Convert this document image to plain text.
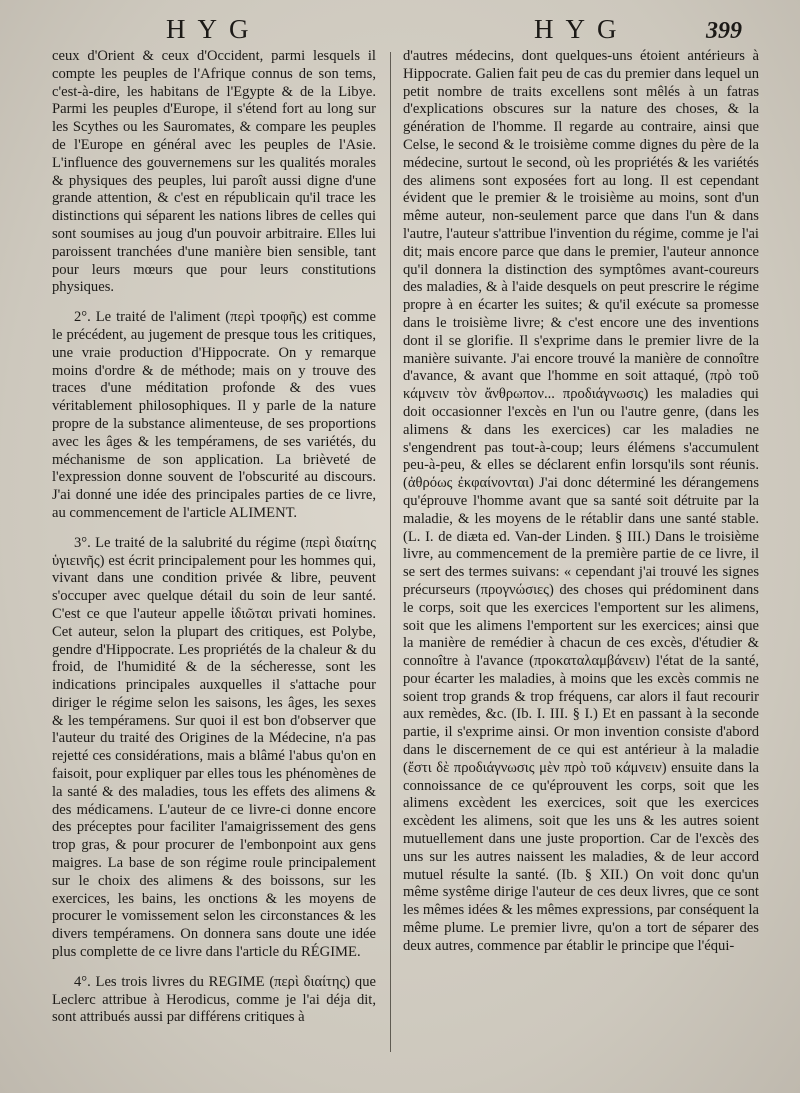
HYG	HYG	399

ceux d'Orient & ceux d'Occident, parmi lesquels il compte les peuples de l'Afrique connus de son tems, c'est-à-dire, les habitans de l'Egypte & de la Libye. Parmi les peuples d'Europe, il s'étend fort au long sur les Scythes ou les Sauromates, & compare les peuples de l'Europe en général avec les peuples de l'Asie. L'influence des gouvernemens sur les qualités morales & physiques des peuples, lui paroît aussi digne d'une grande attention, & c'est en républicain qu'il trace les distinctions qui séparent les nations libres de celles qui sont soumises au joug d'un pouvoir arbitraire. Elles lui paroissent tranchées d'une manière bien sensible, tant pour leurs mœurs que pour leurs constitutions physiques.

2°. Le traité de l'aliment (περὶ τροφῆς) est comme le précédent, au jugement de presque tous les critiques, une vraie production d'Hippocrate. On y remarque moins d'ordre & de méthode; mais on y trouve des traces d'une méditation profonde & des vues véritablement philosophiques. Il y parle de la nature propre de la substance alimenteuse, de ses proportions avec les âges & les tempéramens, de ses variétés, du méchanisme de son application. La brièveté de l'expression donne souvent de l'obscurité au discours. J'ai donné une idée des principales parties de ce livre, au commencement de l'article ALIMENT.

3°. Le traité de la salubrité du régime (περὶ διαίτης ὑγιεινῆς) est écrit principalement pour les hommes qui, vivant dans une condition privée & libre, peuvent s'occuper avec quelque détail du soin de leur santé. C'est ce que l'auteur appelle ἰδιῶται privati homines. Cet auteur, selon la plupart des critiques, est Polybe, gendre d'Hippocrate. Les propriétés de la chaleur & du froid, de l'humidité & de la sécheresse, sont les indications principales auxquelles il s'attache pour diriger le régime selon les saisons, les âges, les sexes & les tempéramens. Sur quoi il est bon d'observer que l'auteur du traité des Origines de la Médecine, n'a pas rejetté ces considérations, mais a blâmé l'abus qu'on en faisoit, pour expliquer par elles tous les phénomènes de la santé & des maladies, tous les effets des alimens & des médicamens. L'auteur de ce livre-ci donne encore des préceptes pour faciliter l'amaigrissement des gens trop gras, & pour procurer de l'embonpoint aux gens maigres. La base de son régime roule principalement sur le choix des alimens & des boissons, sur les exercices, les bains, les onctions & les moyens de procurer le vomissement selon les circonstances & les divers tempéramens. On donnera sans doute une idée plus complette de ce livre dans l'article du RÉGIME.

4°. Les trois livres du REGIME (περὶ διαίτης) que Leclerc attribue à Herodicus, comme je l'ai déja dit, sont attribués aussi par différens critiques à

d'autres médecins, dont quelques-uns étoient antérieurs à Hippocrate. Galien fait peu de cas du premier dans lequel un petit nombre de traits excellens sont mêlés à un fatras d'explications obscures sur la nature des choses, & la génération de l'homme. Il regarde au contraire, ainsi que Celse, le second & le troisième comme dignes du père de la médecine, surtout le second, où les propriétés & les variétés des alimens sont exposées fort au long. Il est cependant évident que le premier & le troisième au moins, sont d'un même auteur, non-seulement parce que dans l'un & dans l'autre, l'auteur s'attribue l'invention du régime, comme je l'ai dit; mais encore parce que dans le premier, l'auteur annonce qu'il donnera la distinction des symptômes avant-coureurs des maladies, & à l'aide desquels on peut prescrire le régime propre à en écarter les suites; & qu'il exécute sa promesse dans le troisième livre; & c'est encore une des inventions dont il se glorifie. Il s'exprime dans le premier livre de la manière suivante. J'ai encore trouvé la manière de connoître d'avance, & avant que l'homme en soit attaqué, (πρὸ τοῦ κάμνειν τὸν ἄνθρωπον... προδιάγνωσις) les maladies qui doit occasionner l'excès en l'un ou l'autre genre, (dans les alimens & dans les exercices) car les maladies ne s'engendrent pas tout-à-coup; leurs élémens s'accumulent peu-à-peu, & elles se déclarent enfin lorsqu'ils sont réunis. (ἀθρόως ἐκφαίνονται) J'ai donc déterminé les dérangemens qu'éprouve l'homme avant que sa santé soit détruite par la maladie, & les moyens de le rétablir dans une santé stable. (L. I. de diæta ed. Van-der Linden. § III.) Dans le troisième livre, au commencement de la première partie de ce livre, il se sert des termes suivans: « cependant j'ai trouvé les signes précurseurs (προγνώσιες) des choses qui prédominent dans le corps, soit que les exercices l'emportent sur les alimens, soit que les alimens l'emportent sur les exercices; ainsi que la manière de remédier à chacun de ces excès, d'étudier & connoître à l'avance (προκαταλαμβάνειν) l'état de la santé, pour écarter les maladies, à moins que les excès commis ne soient trop grands & trop fréquens, car alors il faut recourir aux remèdes, &c. (Ib. I. III. § I.) Et en passant à la seconde partie, il s'exprime ainsi. Or mon invention consiste d'abord dans le discernement de ce qui est antérieur à la maladie (ἔστι δὲ προδιάγνωσις μὲν πρὸ τοῦ κάμνειν) ensuite dans la connoissance de ce qu'éprouvent les corps, soit que les alimens excèdent les exercices, soit que les exercices excèdent les alimens, soit que les uns & les autres soient mutuellement dans une juste proportion. Car de l'excès des uns sur les autres naissent les maladies, & de leur accord mutuel résulte la santé. (Ib. § XII.) On voit donc qu'un même systême dirige l'auteur de ces deux livres, que ce sont les mêmes idées & les mêmes expressions, par conséquent la même plume. Le premier livre, qu'on a tort de séparer des deux autres, commence par établir le principe que l'équi-
